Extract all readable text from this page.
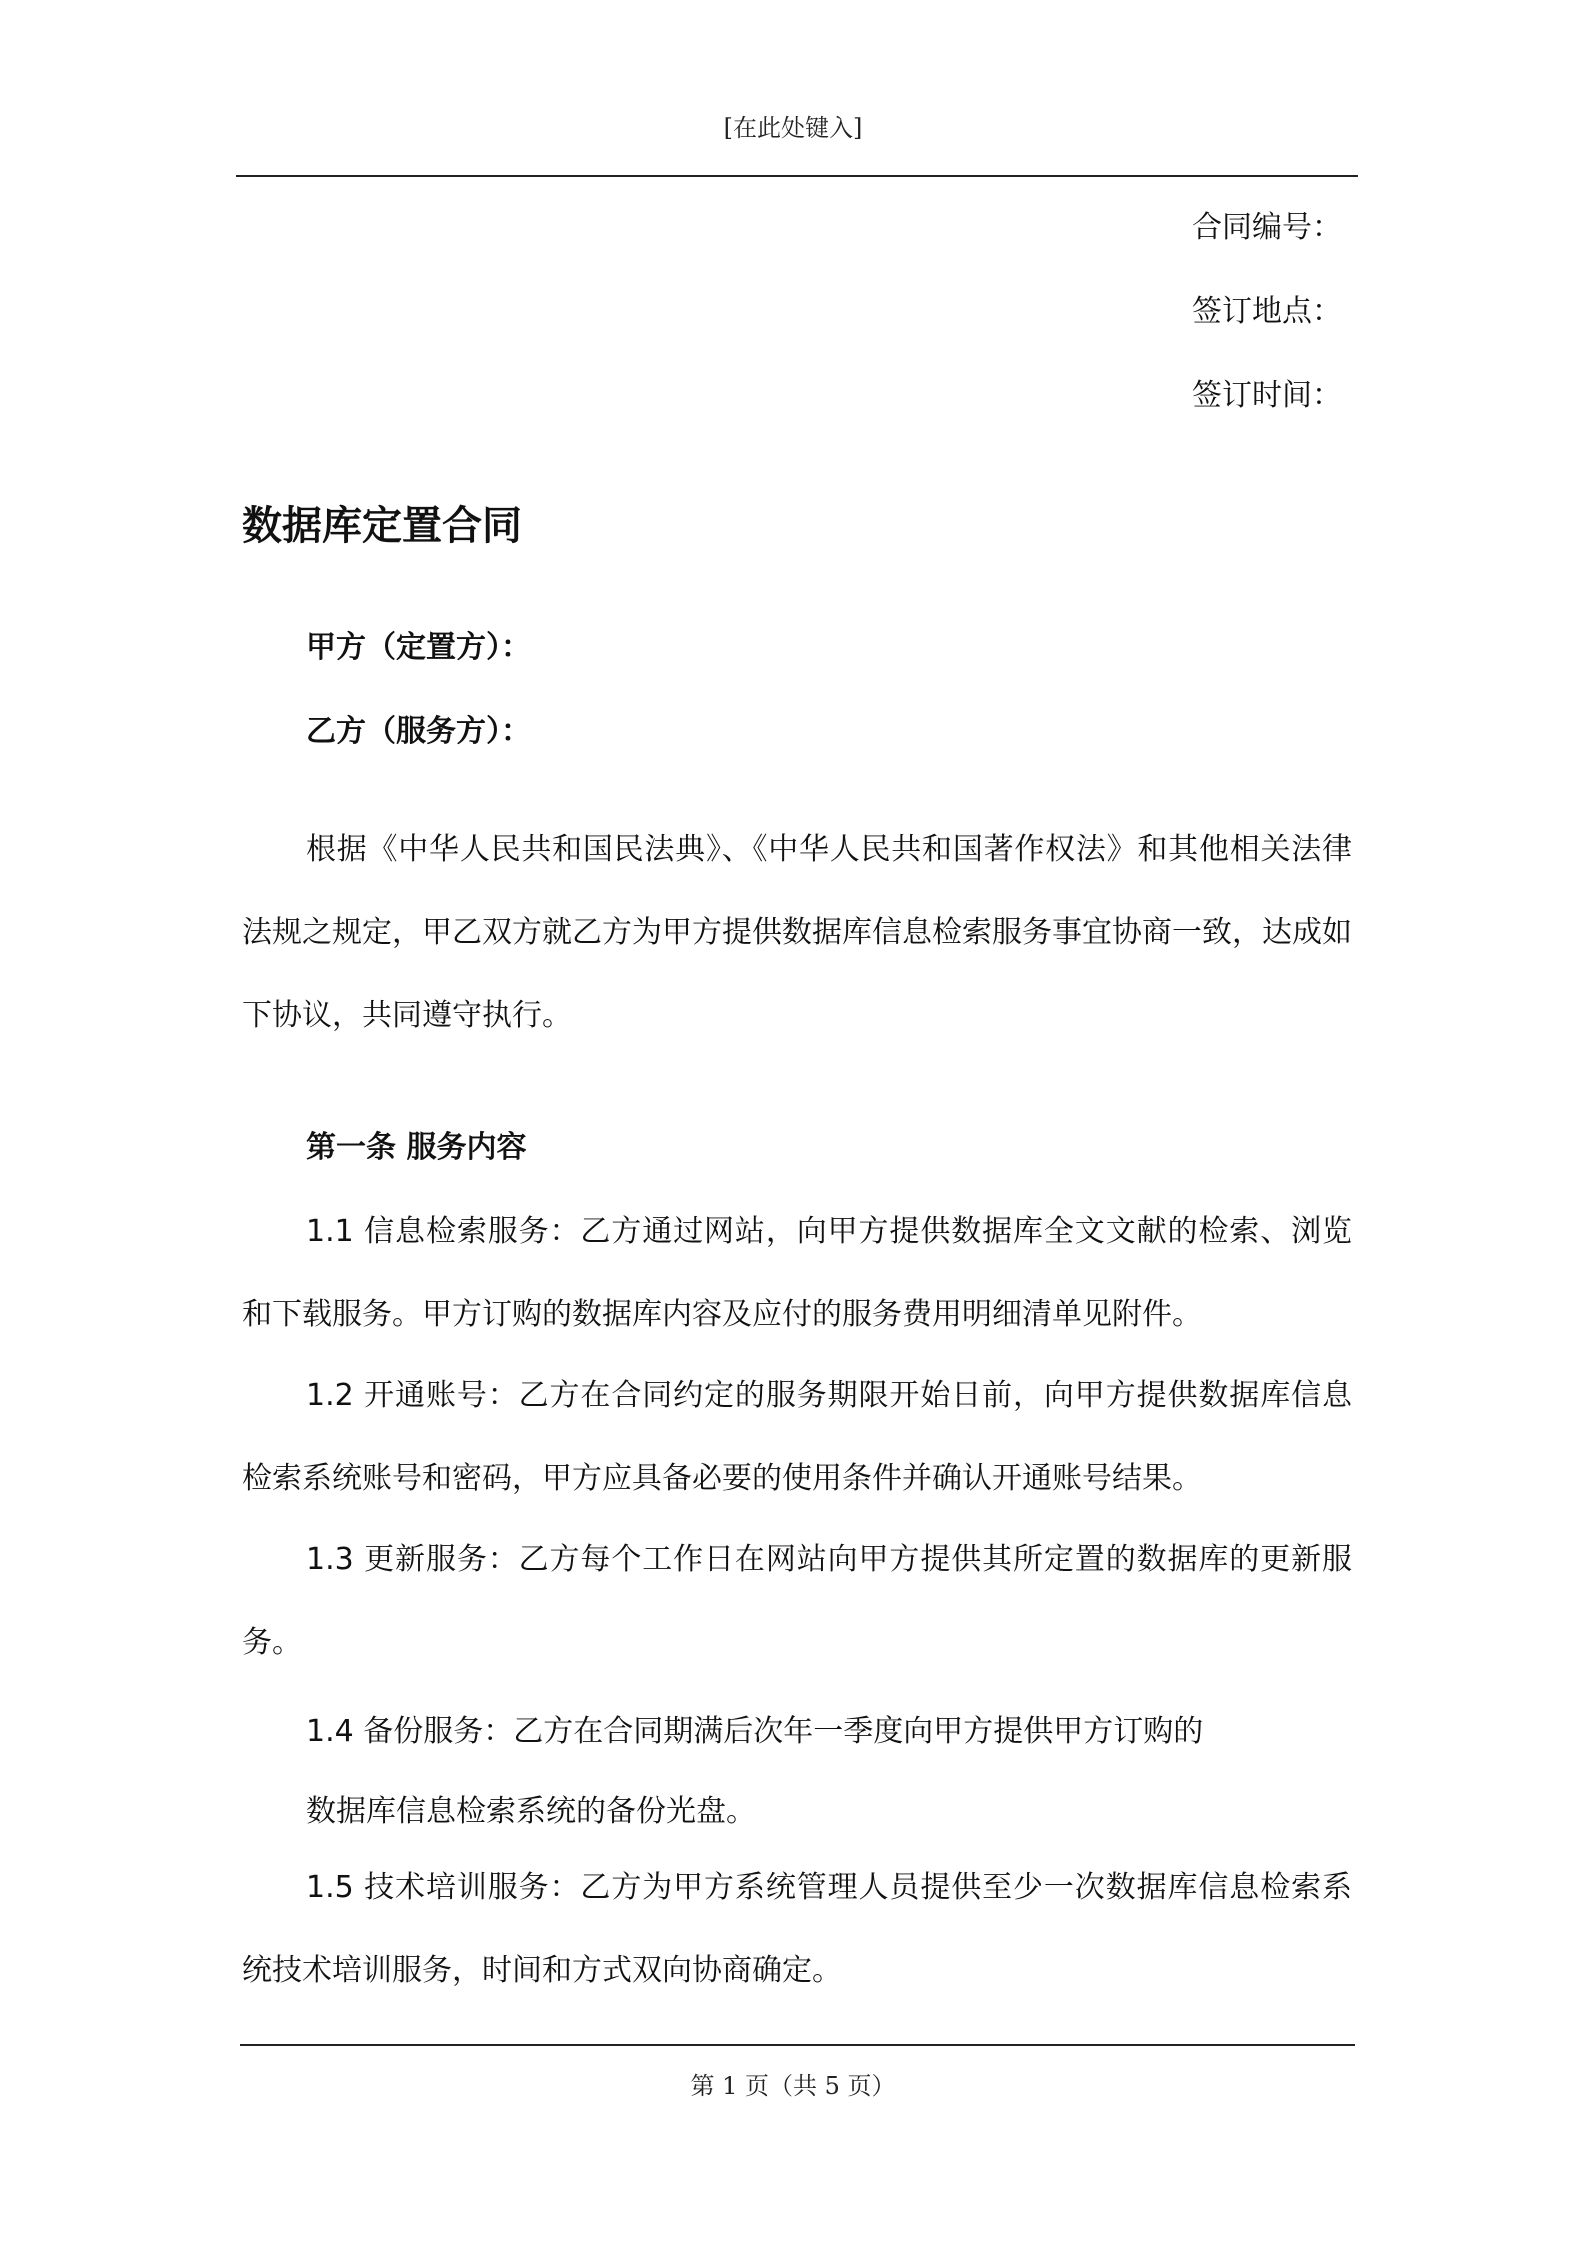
[在此处键入]
合同编号：
签订地点：
签订时间：
数据库定置合同
甲方（定置方）：
乙方（服务方）：

根据《中华人民共和国民法典》、《中华人民共和国著作权法》和其他相关法律法规之规定，甲乙双方就乙方为甲方提供数据库信息检索服务事宜协商一致，达成如下协议，共同遵守执行。

第一条 服务内容

1.1 信息检索服务：乙方通过网站，向甲方提供数据库全文文献的检索、浏览和下载服务。甲方订购的数据库内容及应付的服务费用明细清单见附件。

1.2 开通账号：乙方在合同约定的服务期限开始日前，向甲方提供数据库信息检索系统账号和密码，甲方应具备必要的使用条件并确认开通账号结果。

1.3 更新服务：乙方每个工作日在网站向甲方提供其所定置的数据库的更新服务。

1.4 备份服务：乙方在合同期满后次年一季度向甲方提供甲方订购的
数据库信息检索系统的备份光盘。

1.5 技术培训服务：乙方为甲方系统管理人员提供至少一次数据库信息检索系统技术培训服务，时间和方式双向协商确定。

第 1 页（共 5 页）
